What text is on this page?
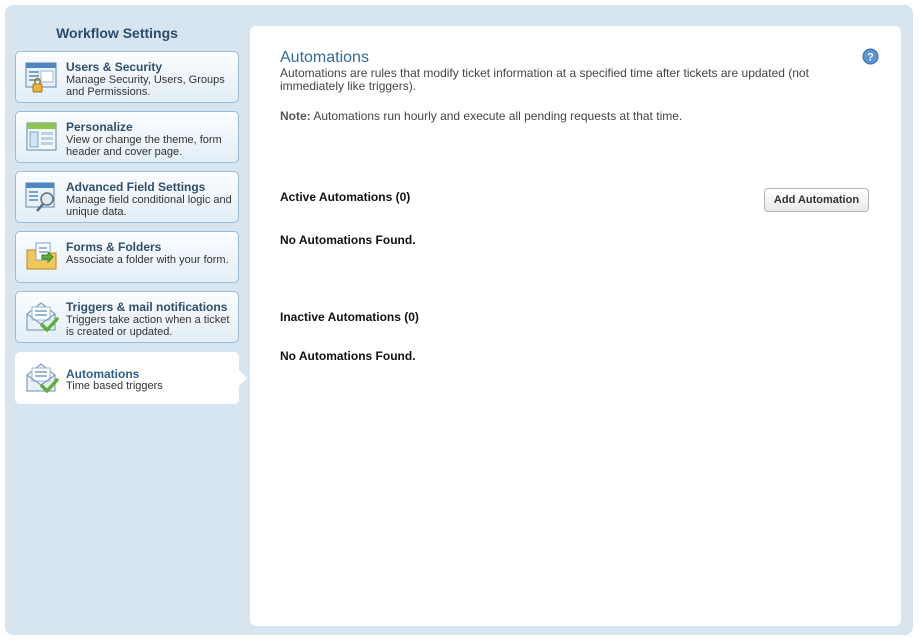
Workflow Settings
Users & Security
Manage Security, Users, Groups and Permissions.
Personalize
View or change the theme, form header and cover page.
Advanced Field Settings
Manage field conditional logic and unique data.
Forms & Folders
Associate a folder with your form.
Triggers & mail notifications
Triggers take action when a ticket is created or updated.
Automations
Time based triggers
Automations	?
Automations are rules that modify ticket information at a specified time after tickets are updated (not immediately like triggers).
Note: Automations run hourly and execute all pending requests at that time.
Active Automations (0)	Add Automation
No Automations Found.
Inactive Automations (0)
No Automations Found.
